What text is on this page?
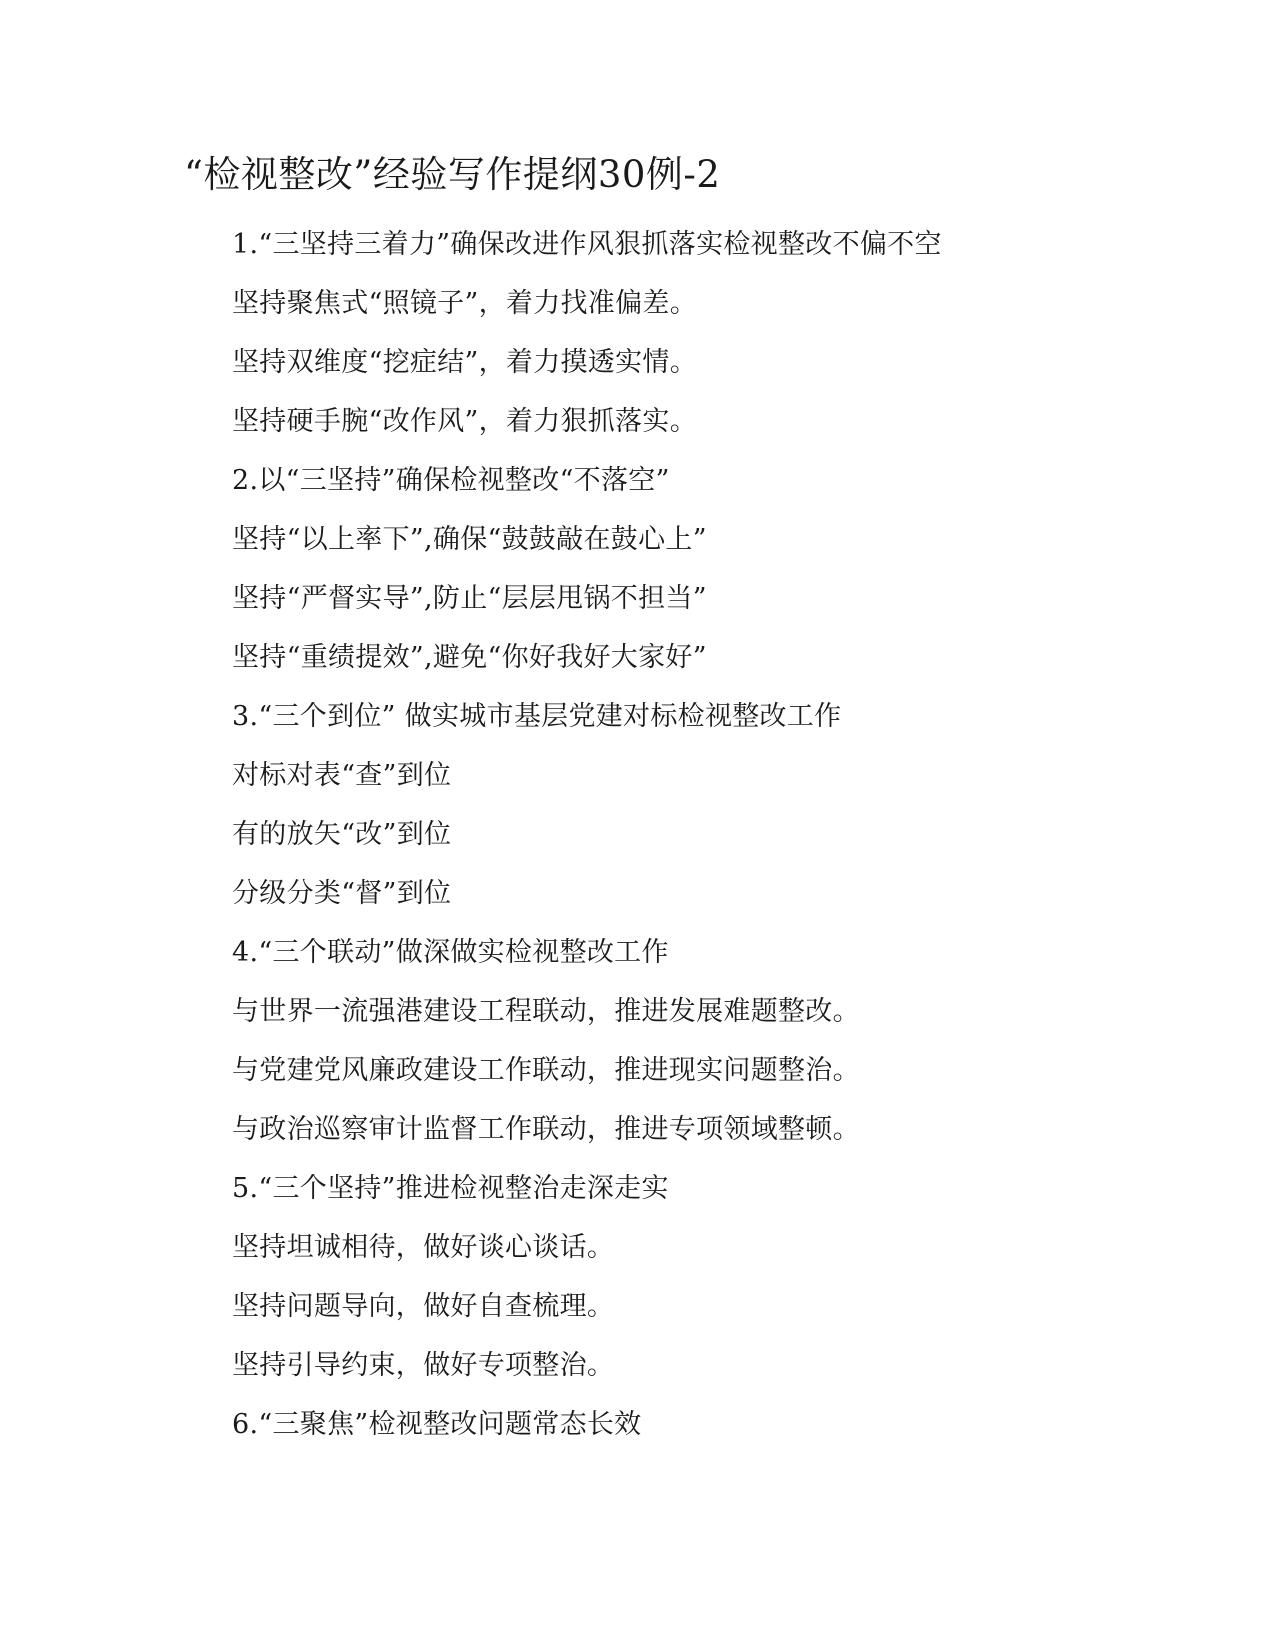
“检视整改”经验写作提纲30例-2
1.“三坚持三着力”确保改进作风狠抓落实检视整改不偏不空
坚持聚焦式“照镜子”，着力找准偏差。
坚持双维度“挖症结”，着力摸透实情。
坚持硬手腕“改作风”，着力狠抓落实。
2.以“三坚持”确保检视整改“不落空”
坚持“以上率下”,确保“鼓鼓敲在鼓心上”
坚持“严督实导”,防止“层层甩锅不担当”
坚持“重绩提效”,避免“你好我好大家好”
3.“三个到位” 做实城市基层党建对标检视整改工作
对标对表“查”到位
有的放矢“改”到位
分级分类“督”到位
4.“三个联动”做深做实检视整改工作
与世界一流强港建设工程联动，推进发展难题整改。
与党建党风廉政建设工作联动，推进现实问题整治。
与政治巡察审计监督工作联动，推进专项领域整顿。
5.“三个坚持”推进检视整治走深走实
坚持坦诚相待，做好谈心谈话。
坚持问题导向，做好自查梳理。
坚持引导约束，做好专项整治。
6.“三聚焦”检视整改问题常态长效
